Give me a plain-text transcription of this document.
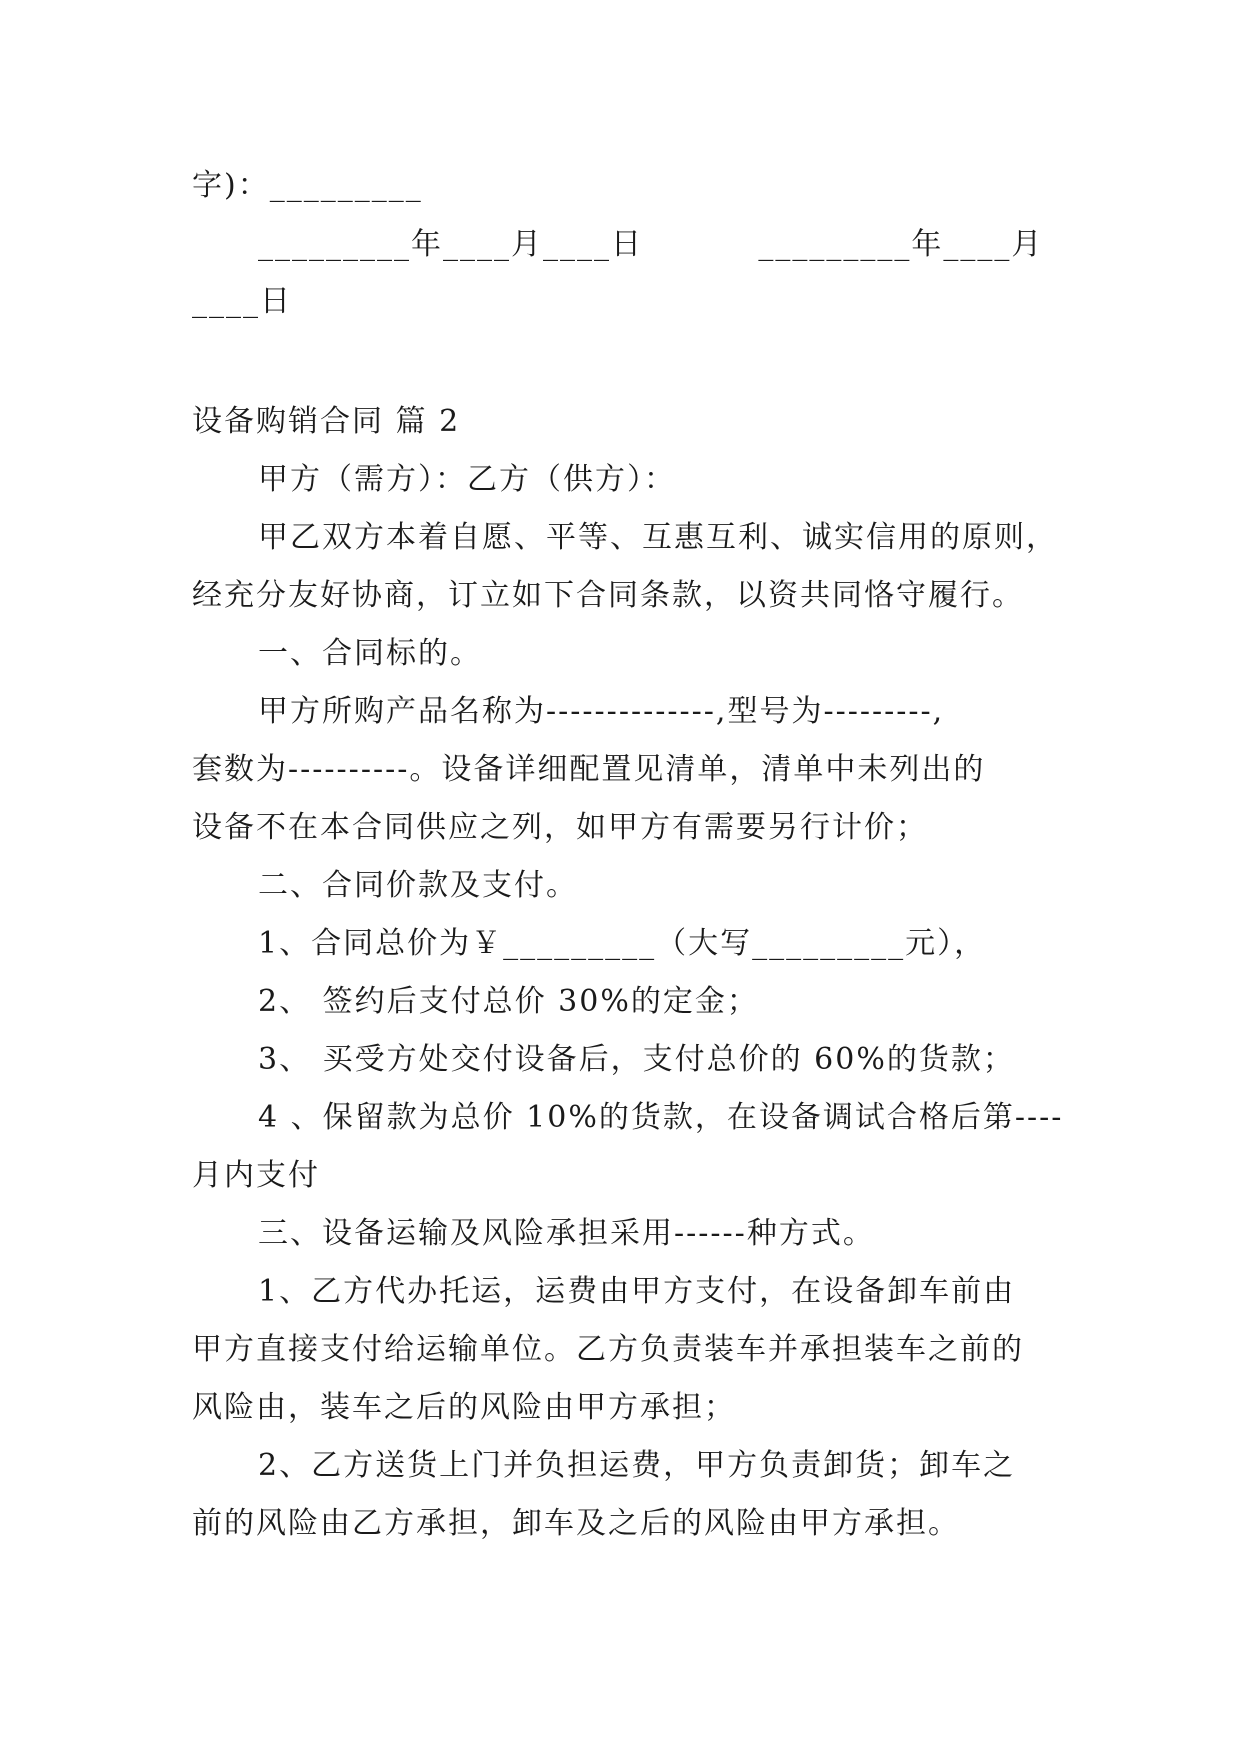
字)：_________
_________年____月____日          _________年____月
____日
设备购销合同 篇 2
甲方（需方）：乙方（供方）：
甲乙双方本着自愿、平等、互惠互利、诚实信用的原则，
经充分友好协商，订立如下合同条款，以资共同恪守履行。
一、合同标的。
甲方所购产品名称为--------------,型号为---------,
套数为----------。设备详细配置见清单，清单中未列出的
设备不在本合同供应之列，如甲方有需要另行计价；
二、合同价款及支付。
1、合同总价为￥_________（大写_________元），
2、 签约后支付总价 30%的定金；
3、 买受方处交付设备后，支付总价的 60%的货款；
4 、保留款为总价 10%的货款，在设备调试合格后第----
月内支付
三、设备运输及风险承担采用------种方式。
1、乙方代办托运，运费由甲方支付，在设备卸车前由
甲方直接支付给运输单位。乙方负责装车并承担装车之前的
风险由，装车之后的风险由甲方承担；
2、乙方送货上门并负担运费，甲方负责卸货；卸车之
前的风险由乙方承担，卸车及之后的风险由甲方承担。
